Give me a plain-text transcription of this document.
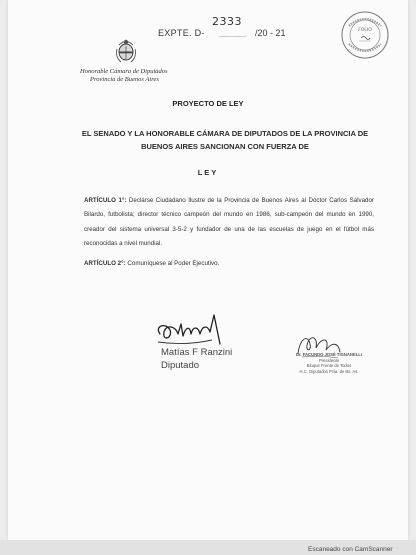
EXPTE. D-
2333
/20 - 21	FOLIO
Honorable Cámara de Diputados
Provincia de Buenos Aires
PROYECTO DE LEY
EL SENADO Y LA HONORABLE CÁMARA DE DIPUTADOS DE LA PROVINCIA DE
BUENOS AIRES SANCIONAN CON FUERZA DE
LEY
ARTÍCULO 1°: Declárse Ciudadano Ilustre de la Provincia de Buenos Aires al Doctor Carlos Salvador Bilardo, futbolista; director técnico campeón del mundo en 1986, sub-campeón del mundo en 1990, creador del sistema universal 3-5-2 y fundador de una de las escuelas de juego en el fútbol más reconocidas a nivel mundial.
ARTÍCULO 2°: Comuníquese al Poder Ejecutivo.
Matías F Ranzini
Diputado
Dr. FACUNDO JOSÉ TIGNANELLI
Presidente
Bloque Frente de Todos
H.C. Diputados Pcia. de Bs. As.
Escaneado con CamScanner
